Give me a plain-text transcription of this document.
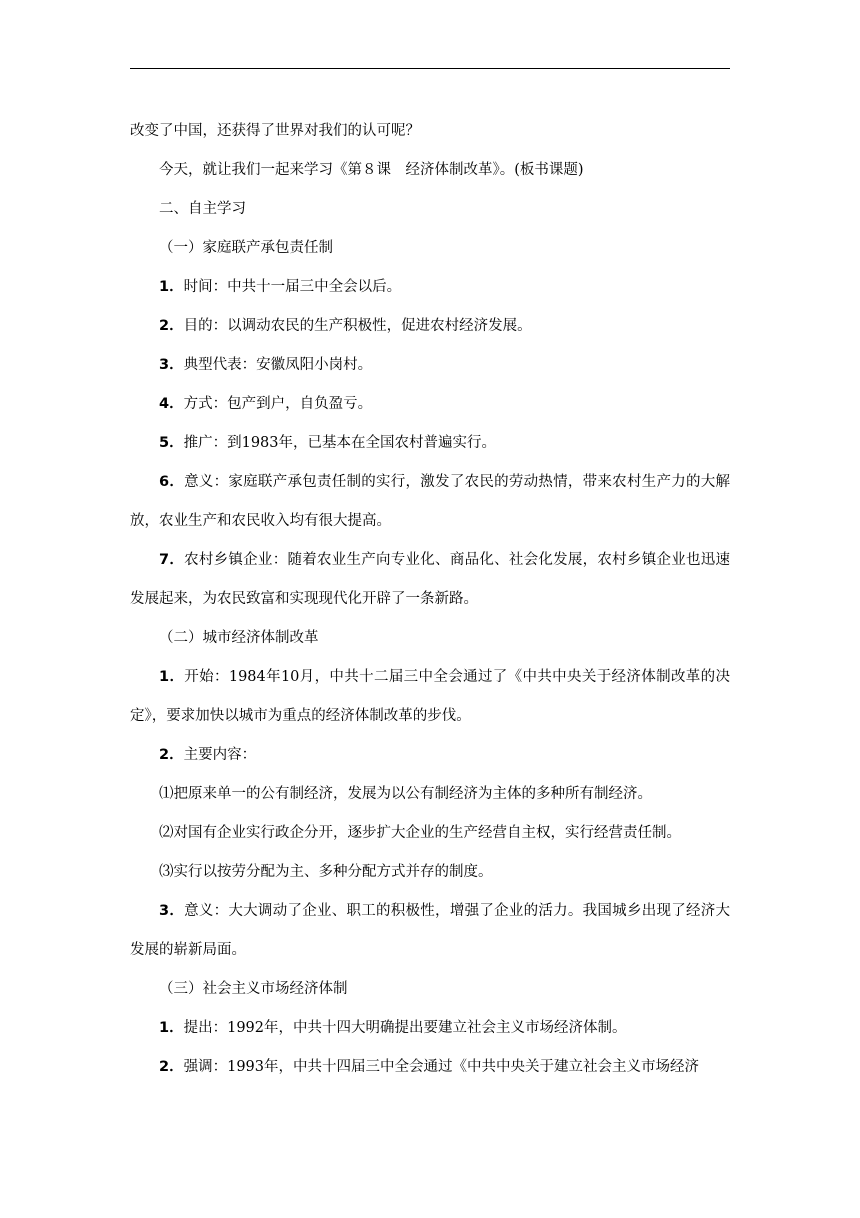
改变了中国，还获得了世界对我们的认可呢？

今天，就让我们一起来学习《第８课　经济体制改革》。(板书课题)

二、自主学习

（一）家庭联产承包责任制

1．时间：中共十一届三中全会以后。

2．目的：以调动农民的生产积极性，促进农村经济发展。

3．典型代表：安徽凤阳小岗村。

4．方式：包产到户，自负盈亏。

5．推广：到1983年，已基本在全国农村普遍实行。

6．意义：家庭联产承包责任制的实行，激发了农民的劳动热情，带来农村生产力的大解放，农业生产和农民收入均有很大提高。

7．农村乡镇企业：随着农业生产向专业化、商品化、社会化发展，农村乡镇企业也迅速发展起来，为农民致富和实现现代化开辟了一条新路。

（二）城市经济体制改革

1．开始：1984年10月，中共十二届三中全会通过了《中共中央关于经济体制改革的决定》，要求加快以城市为重点的经济体制改革的步伐。

2．主要内容：

⑴把原来单一的公有制经济，发展为以公有制经济为主体的多种所有制经济。

⑵对国有企业实行政企分开，逐步扩大企业的生产经营自主权，实行经营责任制。

⑶实行以按劳分配为主、多种分配方式并存的制度。

3．意义：大大调动了企业、职工的积极性，增强了企业的活力。我国城乡出现了经济大发展的崭新局面。

（三）社会主义市场经济体制

1．提出：1992年，中共十四大明确提出要建立社会主义市场经济体制。

2．强调：1993年，中共十四届三中全会通过《中共中央关于建立社会主义市场经济
